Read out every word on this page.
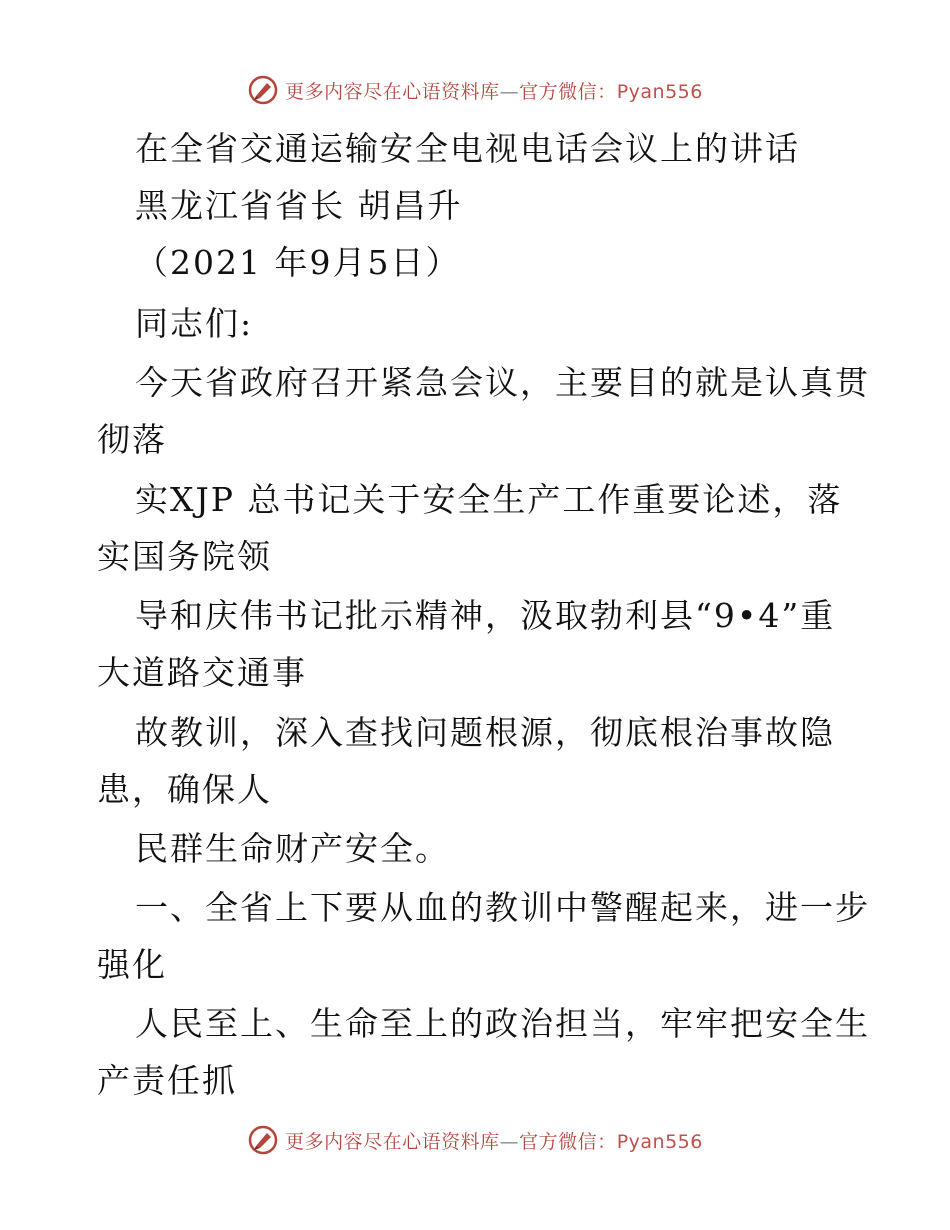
更多内容尽在心语资料库—官方微信：Pyan556
在全省交通运输安全电视电话会议上的讲话
黑龙江省省长 胡昌升
（2021 年9月5日）
同志们:
今天省政府召开紧急会议，主要目的就是认真贯
彻落
实XJP 总书记关于安全生产工作重要论述，落
实国务院领
导和庆伟书记批示精神，汲取勃利县“9•4”重
大道路交通事
故教训，深入查找问题根源，彻底根治事故隐
患，确保人
民群生命财产安全。
一、全省上下要从血的教训中警醒起来，进一步
强化
人民至上、生命至上的政治担当，牢牢把安全生
产责任抓
更多内容尽在心语资料库—官方微信：Pyan556
